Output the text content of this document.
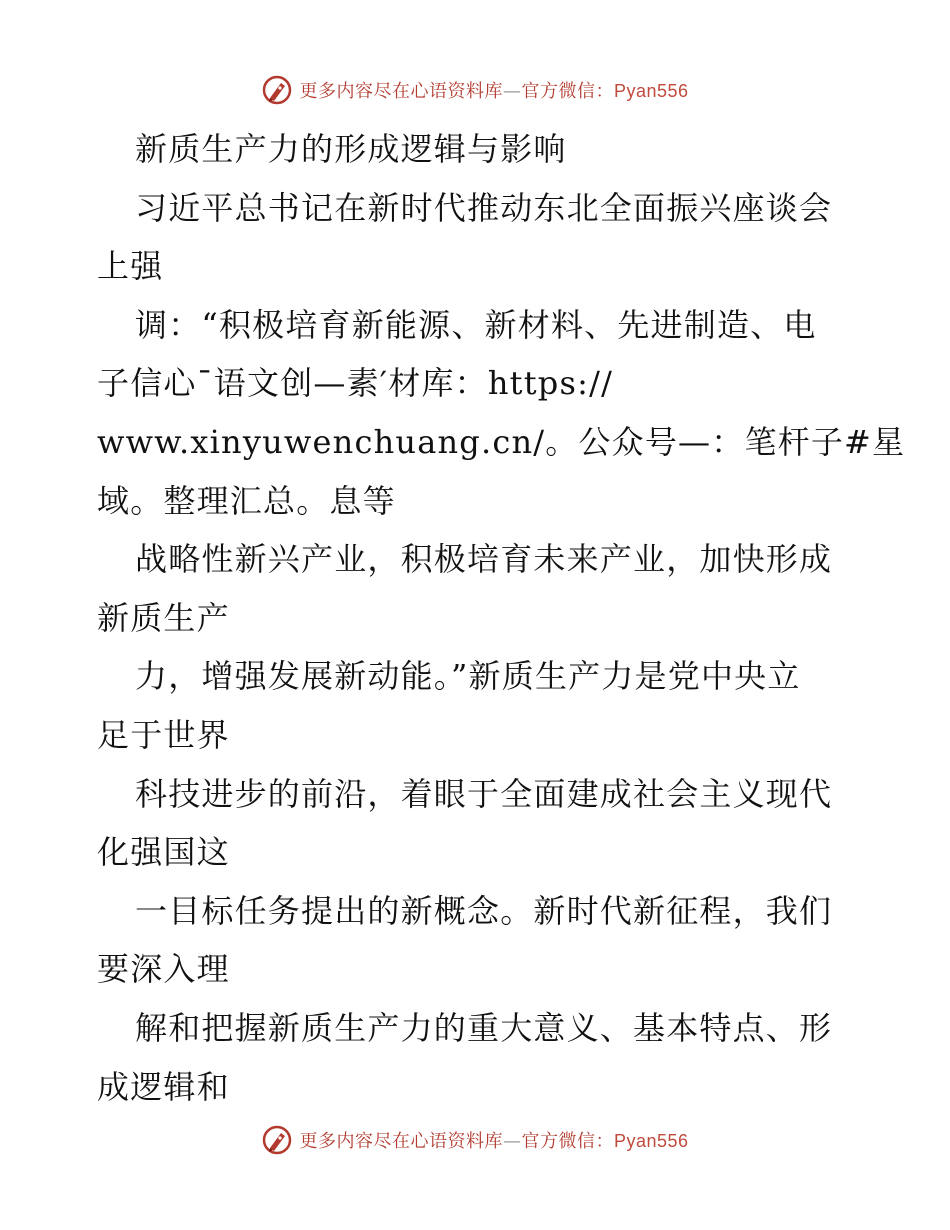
更多内容尽在心语资料库—官方微信：Pyan556
新质生产力的形成逻辑与影响
习近平总书记在新时代推动东北全面振兴座谈会
上强
调：“积极培育新能源、新材料、先进制造、电
子信心¯语文创—素′材库：https://
www.xinyuwenchuang.cn/。公众号—：笔杆子#星
域。整理汇总。息等
战略性新兴产业，积极培育未来产业，加快形成
新质生产
力，增强发展新动能。”新质生产力是党中央立
足于世界
科技进步的前沿，着眼于全面建成社会主义现代
化强国这
一目标任务提出的新概念。新时代新征程，我们
要深入理
解和把握新质生产力的重大意义、基本特点、形
成逻辑和
更多内容尽在心语资料库—官方微信：Pyan556
